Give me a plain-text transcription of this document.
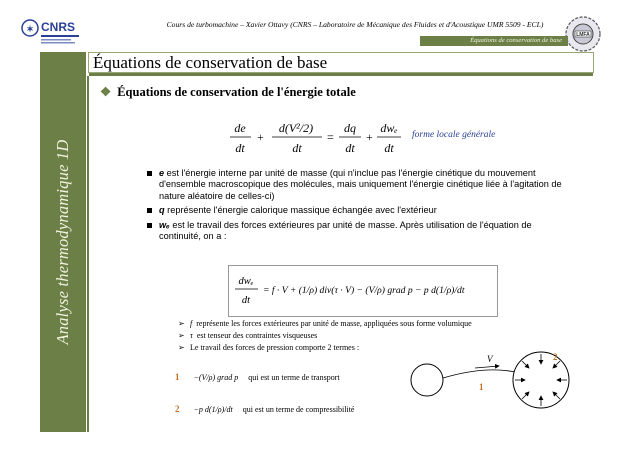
✶ CNRS	Cours de turbomachine – Xavier Ottavy (CNRS – Laboratoire de Mécanique des Fluides et d'Acoustique UMR 5509 - ECL)
LMFA
Équations de conservation de base
Analyse thermodynamique 1D
Équations de conservation de base
❖ Équations de conservation de l'énergie totale
de
dt
+
d(V²/2)
dt
=
dq
dt
+
dwₑ
dt
forme locale générale

e est l'énergie interne par unité de masse (qui n'inclue pas l'énergie cinétique du mouvement d'ensemble macroscopique des molécules, mais uniquement l'énergie cinétique liée à l'agitation de nature aléatoire de celles-ci)

q représente l'énergie calorique massique échangée avec l'extérieur

wₑ est le travail des forces extérieures par unité de masse. Après utilisation de l'équation de continuité, on a :

dwₑ
dt
= f · V + (1/ρ) div(τ · V) − (V/ρ) grad p − p d(1/ρ)/dt

➢ f représente les forces extérieures par unité de masse, appliquées sous forme volumique

➢ τ est tenseur des contraintes visqueuses

➢ Le travail des forces de pression comporte 2 termes :

1 −(V/ρ) grad p qui est un terme de transport
2 −p d(1/ρ)/dt qui est un terme de compressibilité
V
1
2
